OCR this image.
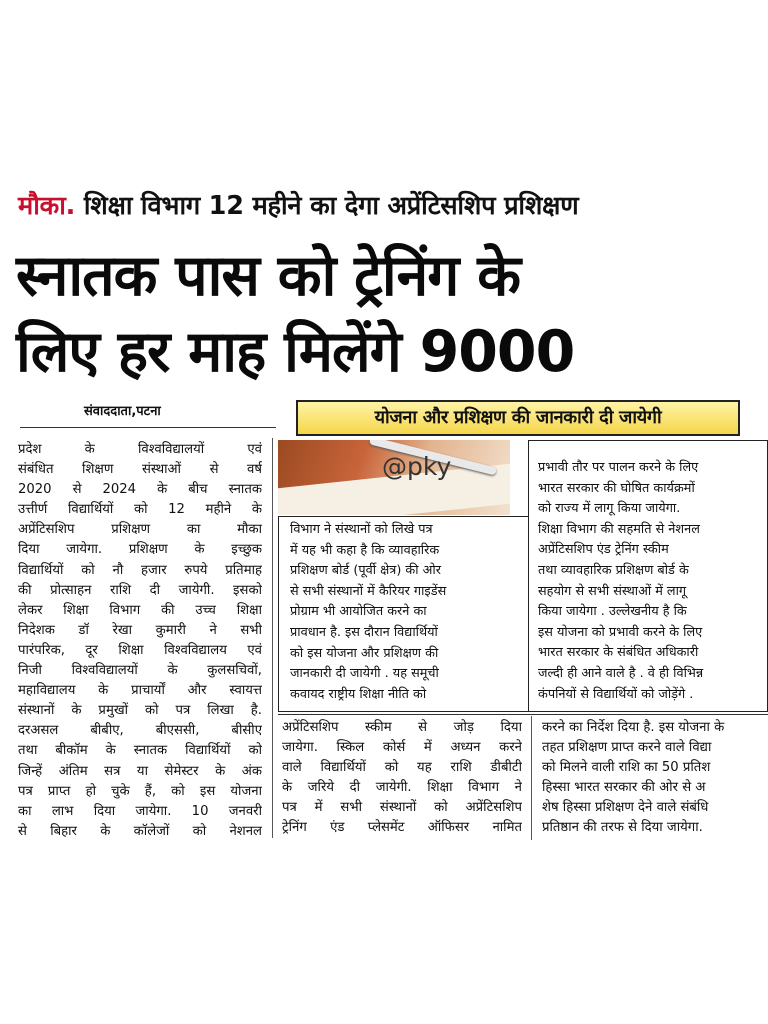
मौका. शिक्षा विभाग 12 महीने का देगा अप्रेंटिसशिप प्रशिक्षण
स्नातक पास को ट्रेनिंग के
लिए हर माह मिलेंगे 9000
संवाददाता,पटना	योजना और प्रशिक्षण की जानकारी दी जायेगी
प्रदेश के विश्वविद्यालयों एवं
संबंधित शिक्षण संस्थाओं से वर्ष
2020 से 2024 के बीच स्नातक
उत्तीर्ण विद्यार्थियों को 12 महीने के
अप्रेंटिसशिप प्रशिक्षण का मौका
दिया जायेगा. प्रशिक्षण के इच्छुक
विद्यार्थियों को नौ हजार रुपये प्रतिमाह
की प्रोत्साहन राशि दी जायेगी. इसको
लेकर शिक्षा विभाग की उच्च शिक्षा
निदेशक डॉ रेखा कुमारी ने सभी
पारंपरिक, दूर शिक्षा विश्वविद्यालय एवं
निजी विश्वविद्यालयों के कुलसचिवों,
महाविद्यालय के प्राचार्यों और स्वायत्त
संस्थानों के प्रमुखों को पत्र लिखा है.
दरअसल बीबीए, बीएससी, बीसीए
तथा बीकॉम के स्नातक विद्यार्थियों को
जिन्हें अंतिम सत्र या सेमेस्टर के अंक
पत्र प्राप्त हो चुके हैं, को इस योजना
का लाभ दिया जायेगा. 10 जनवरी
से बिहार के कॉलेजों को नेशनल
@pky
विभाग ने संस्थानों को लिखे पत्र
में यह भी कहा है कि व्यावहारिक
प्रशिक्षण बोर्ड (पूर्वी क्षेत्र) की ओर
से सभी संस्थानों में कैरियर गाइडेंस
प्रोग्राम भी आयोजित करने का
प्रावधान है. इस दौरान विद्यार्थियों
को इस योजना और प्रशिक्षण की
जानकारी दी जायेगी . यह समूची
कवायद राष्ट्रीय शिक्षा नीति को
प्रभावी तौर पर पालन करने के लिए
भारत सरकार की घोषित कार्यक्रमों
को राज्य में लागू किया जायेगा.
शिक्षा विभाग की सहमति से नेशनल
अप्रेंटिसशिप एंड ट्रेनिंग स्कीम
तथा व्यावहारिक प्रशिक्षण बोर्ड के
सहयोग से सभी संस्थाओं में लागू
किया जायेगा . उल्लेखनीय है कि
इस योजना को प्रभावी करने के लिए
भारत सरकार के संबंधित अधिकारी
जल्दी ही आने वाले है . वे ही विभिन्न
कंपनियों से विद्यार्थियों को जोड़ेंगे .
अप्रेंटिसशिप स्कीम से जोड़ दिया
जायेगा. स्किल कोर्स में अध्यन करने
वाले विद्यार्थियों को यह राशि डीबीटी
के जरिये दी जायेगी. शिक्षा विभाग ने
पत्र में सभी संस्थानों को अप्रेंटिसशिप
ट्रेनिंग एंड प्लेसमेंट ऑफिसर नामित
करने का निर्देश दिया है. इस योजना के
तहत प्रशिक्षण प्राप्त करने वाले विद्या
को मिलने वाली राशि का 50 प्रतिश
हिस्सा भारत सरकार की ओर से अ
शेष हिस्सा प्रशिक्षण देने वाले संबंधि
प्रतिष्ठान की तरफ से दिया जायेगा.
